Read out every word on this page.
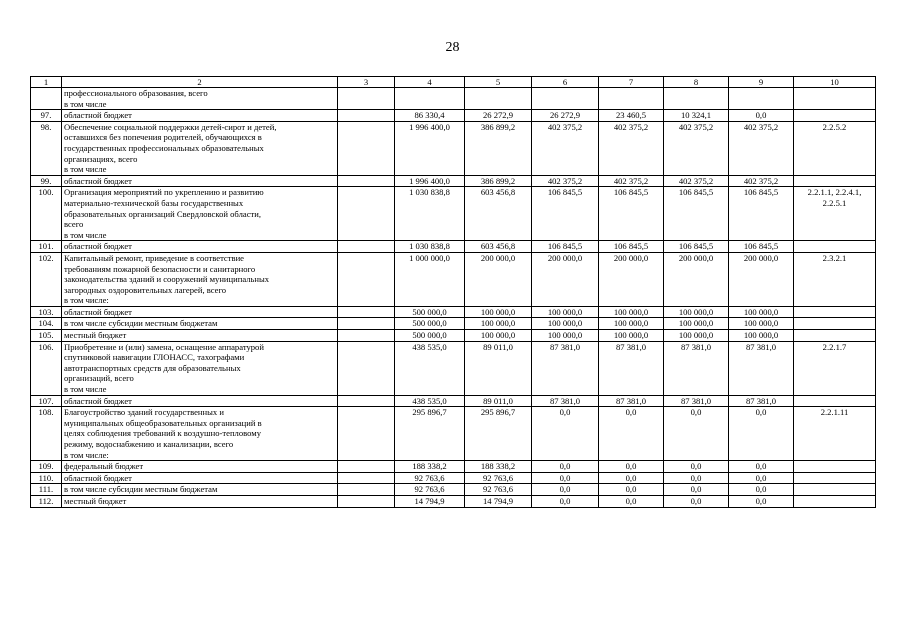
28
1	2	3	4	5	6	7	8	9	10

	профессионального образования, всего
в том числе								

97.	областной бюджет		86 330,4	26 272,9	26 272,9	23 460,5	10 324,1	0,0	
98.	Обеспечение социальной поддержки детей-сирот и детей,
оставшихся без попечения родителей, обучающихся в
государственных профессиональных образовательных
организациях, всего
в том числе		1 996 400,0	386 899,2	402 375,2	402 375,2	402 375,2	402 375,2	2.2.5.2
99.	областной бюджет		1 996 400,0	386 899,2	402 375,2	402 375,2	402 375,2	402 375,2	
100.	Организация мероприятий по укреплению и развитию
материально-технической базы государственных
образовательных организаций Свердловской области,
всего
в том числе		1 030 838,8	603 456,8	106 845,5	106 845,5	106 845,5	106 845,5	2.2.1.1, 2.2.4.1, 2.2.5.1
101.	областной бюджет		1 030 838,8	603 456,8	106 845,5	106 845,5	106 845,5	106 845,5	
102.	Капитальный ремонт, приведение в соответствие
требованиям пожарной безопасности и санитарного
законодательства зданий и сооружений муниципальных
загородных оздоровительных лагерей, всего
в том числе:		1 000 000,0	200 000,0	200 000,0	200 000,0	200 000,0	200 000,0	2.3.2.1
103.	областной бюджет		500 000,0	100 000,0	100 000,0	100 000,0	100 000,0	100 000,0	
104.	в том числе субсидии местным бюджетам		500 000,0	100 000,0	100 000,0	100 000,0	100 000,0	100 000,0	
105.	местный бюджет		500 000,0	100 000,0	100 000,0	100 000,0	100 000,0	100 000,0	
106.	Приобретение и (или) замена, оснащение аппаратурой
спутниковой навигации ГЛОНАСС, тахографами
автотранспортных средств для образовательных
организаций, всего
в том числе		438 535,0	89 011,0	87 381,0	87 381,0	87 381,0	87 381,0	2.2.1.7
107.	областной бюджет		438 535,0	89 011,0	87 381,0	87 381,0	87 381,0	87 381,0	
108.	Благоустройство зданий государственных и
муниципальных общеобразовательных организаций в
целях соблюдения требований к воздушно-тепловому
режиму, водоснабжению и канализации, всего
в том числе:		295 896,7	295 896,7	0,0	0,0	0,0	0,0	2.2.1.11
109.	федеральный бюджет		188 338,2	188 338,2	0,0	0,0	0,0	0,0	
110.	областной бюджет		92 763,6	92 763,6	0,0	0,0	0,0	0,0	
111.	в том числе субсидии местным бюджетам		92 763,6	92 763,6	0,0	0,0	0,0	0,0	
112.	местный бюджет		14 794,9	14 794,9	0,0	0,0	0,0	0,0	
